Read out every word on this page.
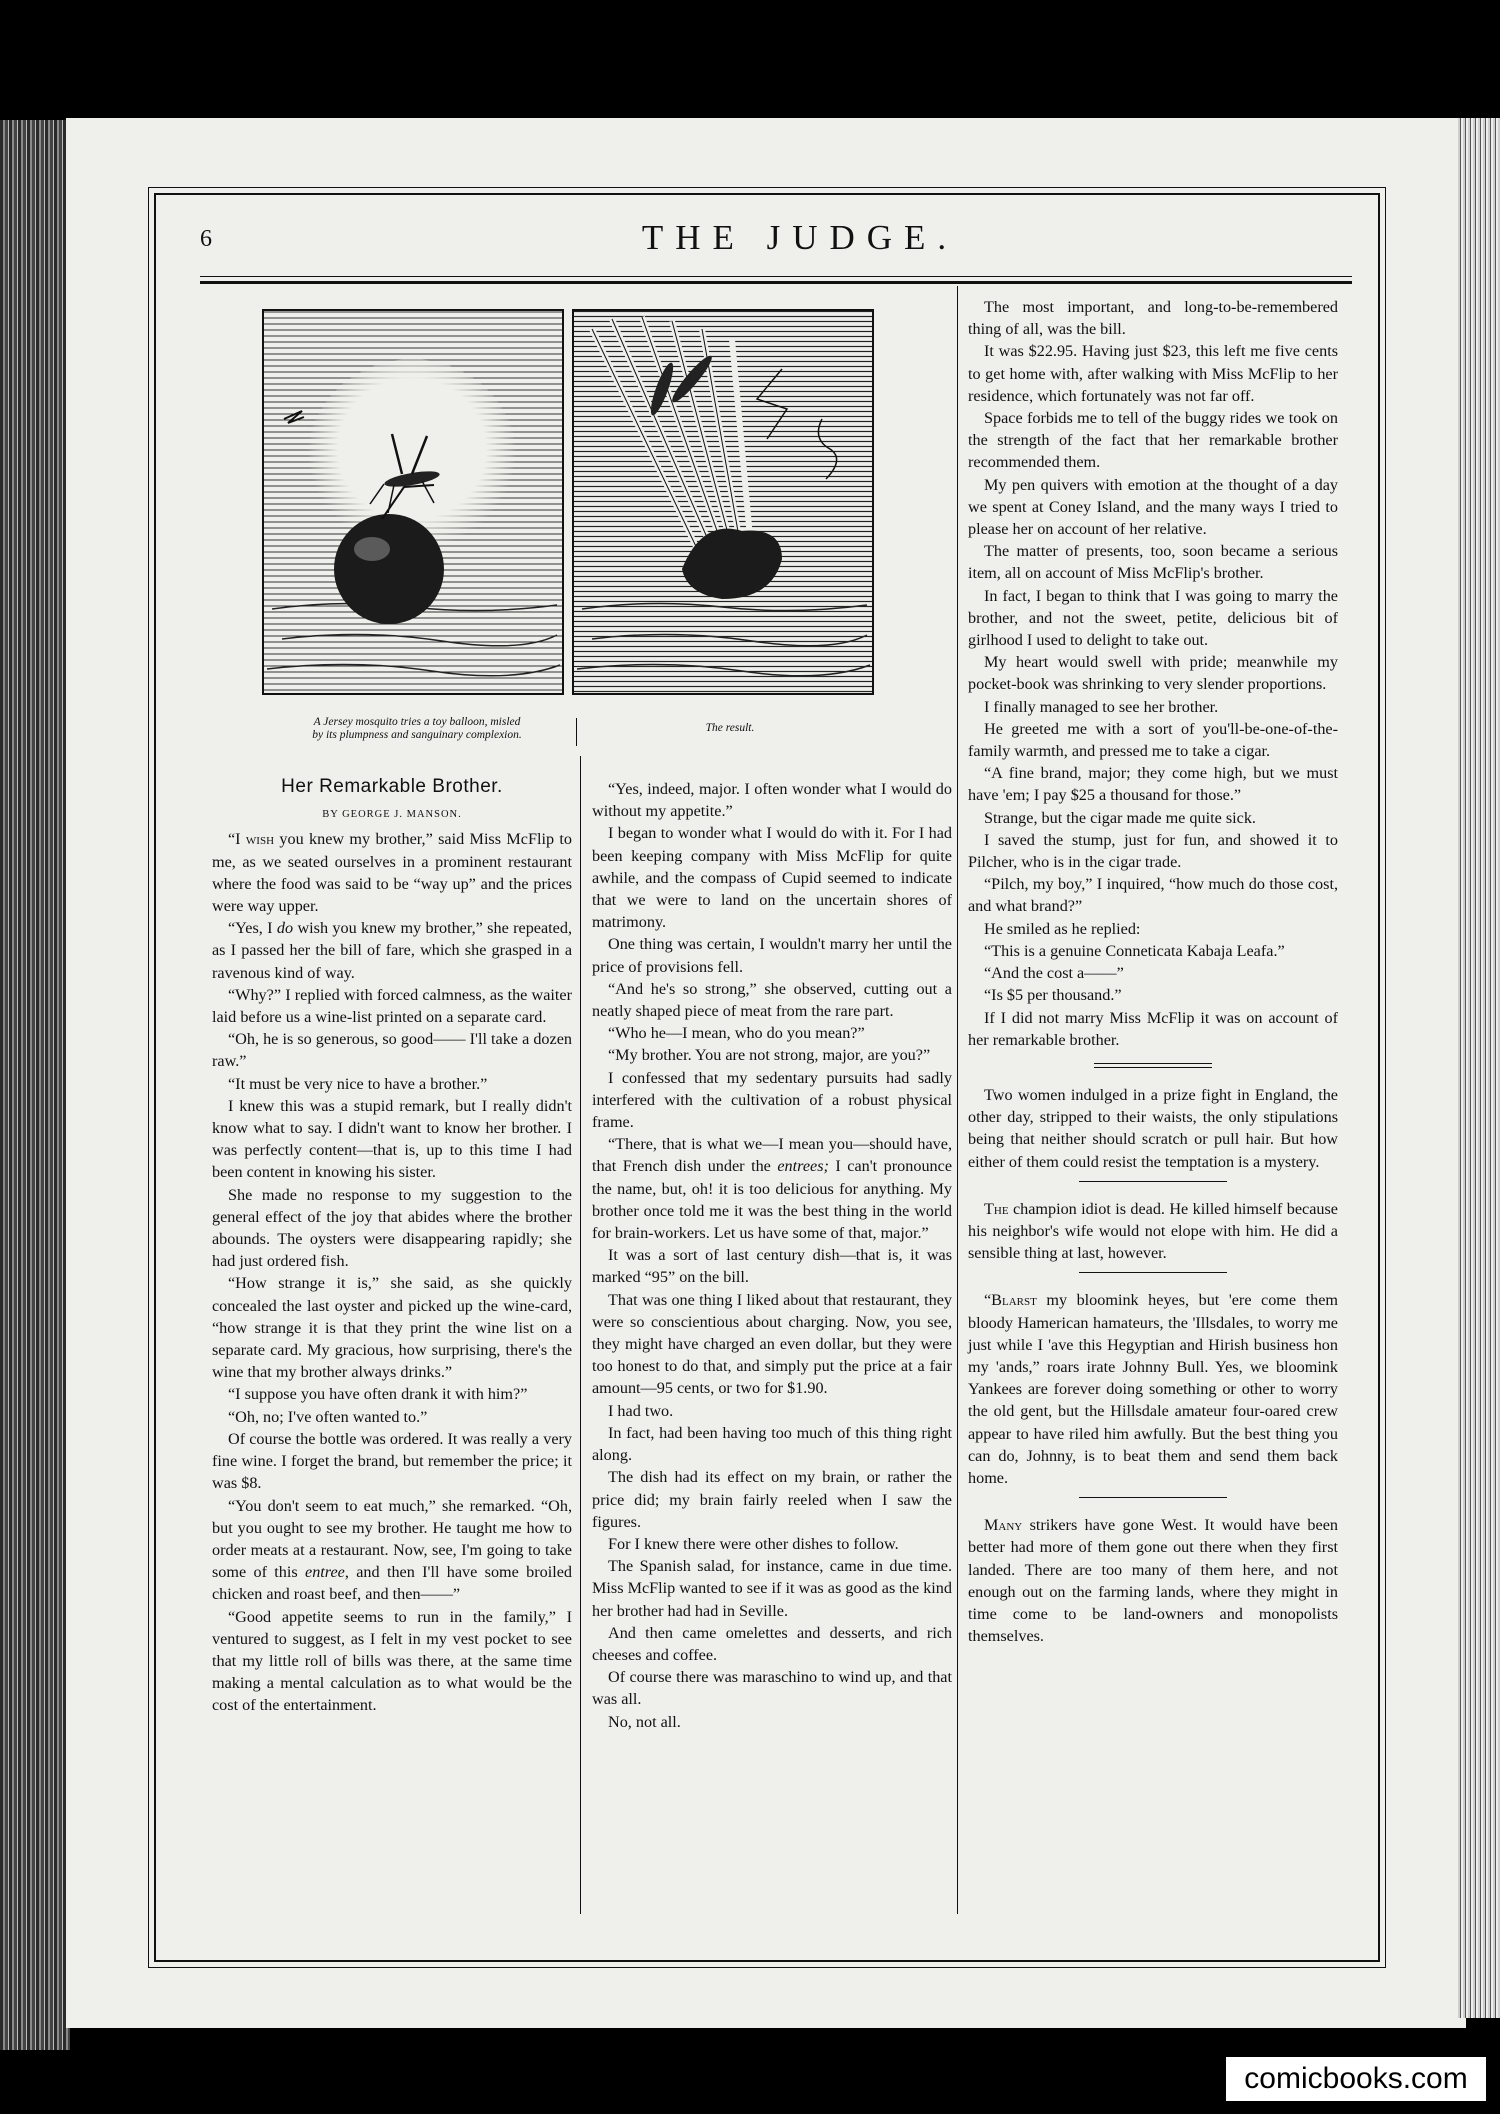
6	THE JUDGE.
A Jersey mosquito tries a toy balloon, misled
by its plumpness and sanguinary complexion.
The result.
Her Remarkable Brother.
BY GEORGE J. MANSON.

“I wish you knew my brother,” said Miss McFlip to me, as we seated ourselves in a prominent restaurant where the food was said to be “way up” and the prices were way upper.

“Yes, I do wish you knew my brother,” she repeated, as I passed her the bill of fare, which she grasped in a ravenous kind of way.

“Why?” I replied with forced calmness, as the waiter laid before us a wine-list printed on a separate card.

“Oh, he is so generous, so good—— I'll take a dozen raw.”

“It must be very nice to have a brother.”

I knew this was a stupid remark, but I really didn't know what to say. I didn't want to know her brother. I was perfectly content—that is, up to this time I had been content in knowing his sister.

She made no response to my suggestion to the general effect of the joy that abides where the brother abounds. The oysters were disappearing rapidly; she had just ordered fish.

“How strange it is,” she said, as she quickly concealed the last oyster and picked up the wine-card, “how strange it is that they print the wine list on a separate card. My gracious, how surprising, there's the wine that my brother always drinks.”

“I suppose you have often drank it with him?”

“Oh, no; I've often wanted to.”

Of course the bottle was ordered. It was really a very fine wine. I forget the brand, but remember the price; it was $8.

“You don't seem to eat much,” she remarked. “Oh, but you ought to see my brother. He taught me how to order meats at a restaurant. Now, see, I'm going to take some of this entree, and then I'll have some broiled chicken and roast beef, and then——”

“Good appetite seems to run in the family,” I ventured to suggest, as I felt in my vest pocket to see that my little roll of bills was there, at the same time making a mental calculation as to what would be the cost of the entertainment.

“Yes, indeed, major. I often wonder what I would do without my appetite.”

I began to wonder what I would do with it. For I had been keeping company with Miss McFlip for quite awhile, and the compass of Cupid seemed to indicate that we were to land on the uncertain shores of matrimony.

One thing was certain, I wouldn't marry her until the price of provisions fell.

“And he's so strong,” she observed, cutting out a neatly shaped piece of meat from the rare part.

“Who he—I mean, who do you mean?”

“My brother. You are not strong, major, are you?”

I confessed that my sedentary pursuits had sadly interfered with the cultivation of a robust physical frame.

“There, that is what we—I mean you—should have, that French dish under the entrees; I can't pronounce the name, but, oh! it is too delicious for anything. My brother once told me it was the best thing in the world for brain-workers. Let us have some of that, major.”

It was a sort of last century dish—that is, it was marked “95” on the bill.

That was one thing I liked about that restaurant, they were so conscientious about charging. Now, you see, they might have charged an even dollar, but they were too honest to do that, and simply put the price at a fair amount—95 cents, or two for $1.90.

I had two.

In fact, had been having too much of this thing right along.

The dish had its effect on my brain, or rather the price did; my brain fairly reeled when I saw the figures.

For I knew there were other dishes to follow.

The Spanish salad, for instance, came in due time. Miss McFlip wanted to see if it was as good as the kind her brother had had in Seville.

And then came omelettes and desserts, and rich cheeses and coffee.

Of course there was maraschino to wind up, and that was all.

No, not all.

The most important, and long-to-be-remembered thing of all, was the bill.

It was $22.95. Having just $23, this left me five cents to get home with, after walking with Miss McFlip to her residence, which fortunately was not far off.

Space forbids me to tell of the buggy rides we took on the strength of the fact that her remarkable brother recommended them.

My pen quivers with emotion at the thought of a day we spent at Coney Island, and the many ways I tried to please her on account of her relative.

The matter of presents, too, soon became a serious item, all on account of Miss McFlip's brother.

In fact, I began to think that I was going to marry the brother, and not the sweet, petite, delicious bit of girlhood I used to delight to take out.

My heart would swell with pride; meanwhile my pocket-book was shrinking to very slender proportions.

I finally managed to see her brother.

He greeted me with a sort of you'll-be-one-of-the-family warmth, and pressed me to take a cigar.

“A fine brand, major; they come high, but we must have 'em; I pay $25 a thousand for those.”

Strange, but the cigar made me quite sick.

I saved the stump, just for fun, and showed it to Pilcher, who is in the cigar trade.

“Pilch, my boy,” I inquired, “how much do those cost, and what brand?”

He smiled as he replied:

“This is a genuine Conneticata Kabaja Leafa.”

“And the cost a——”

“Is $5 per thousand.”

If I did not marry Miss McFlip it was on account of her remarkable brother.

Two women indulged in a prize fight in England, the other day, stripped to their waists, the only stipulations being that neither should scratch or pull hair. But how either of them could resist the temptation is a mystery.

The champion idiot is dead. He killed himself because his neighbor's wife would not elope with him. He did a sensible thing at last, however.

“Blarst my bloomink heyes, but 'ere come them bloody Hamerican hamateurs, the 'Illsdales, to worry me just while I 'ave this Hegyptian and Hirish business hon my 'ands,” roars irate Johnny Bull. Yes, we bloomink Yankees are forever doing something or other to worry the old gent, but the Hillsdale amateur four-oared crew appear to have riled him awfully. But the best thing you can do, Johnny, is to beat them and send them back home.

Many strikers have gone West. It would have been better had more of them gone out there when they first landed. There are too many of them here, and not enough out on the farming lands, where they might in time come to be land-owners and monopolists themselves.

comicbooks.com
